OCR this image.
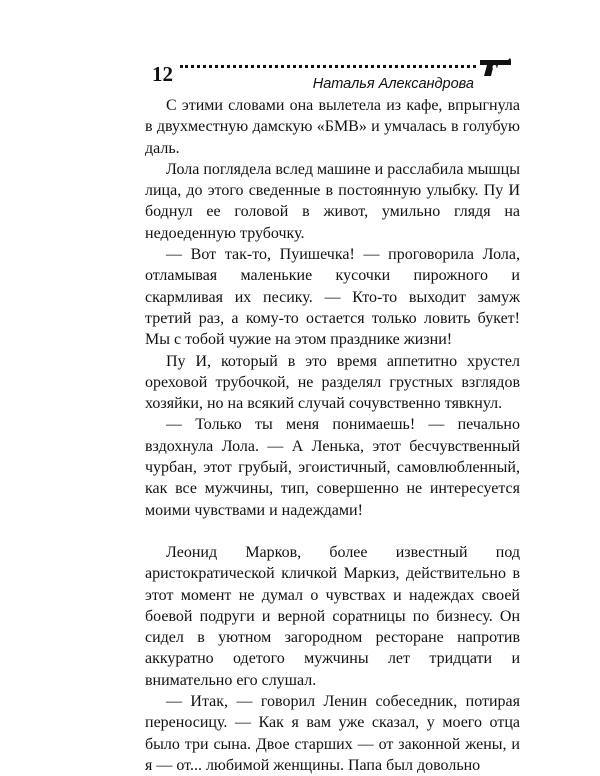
12	Наталья Александрова

С этими словами она вылетела из кафе, впрыгнула в двухместную дамскую «БМВ» и умчалась в голубую даль.

Лола поглядела вслед машине и расслабила мышцы лица, до этого сведенные в постоянную улыбку. Пу И боднул ее головой в живот, умильно глядя на недоеденную трубочку.

— Вот так-то, Пуишечка! — проговорила Лола, отламывая маленькие кусочки пирожного и скармливая их песику. — Кто-то выходит замуж третий раз, а кому-то остается только ловить букет! Мы с тобой чужие на этом празднике жизни!

Пу И, который в это время аппетитно хрустел ореховой трубочкой, не разделял грустных взглядов хозяйки, но на всякий случай сочувственно тявкнул.

— Только ты меня понимаешь! — печально вздохнула Лола. — А Ленька, этот бесчувственный чурбан, этот грубый, эгоистичный, самовлюбленный, как все мужчины, тип, совершенно не интересуется моими чувствами и надеждами!

Леонид Марков, более известный под аристократической кличкой Маркиз, действительно в этот момент не думал о чувствах и надеждах своей боевой подруги и верной соратницы по бизнесу. Он сидел в уютном загородном ресторане напротив аккуратно одетого мужчины лет тридцати и внимательно его слушал.

— Итак, — говорил Ленин собеседник, потирая переносицу. — Как я вам уже сказал, у моего отца было три сына. Двое старших — от законной жены, и я — от... любимой женщины. Папа был довольно
